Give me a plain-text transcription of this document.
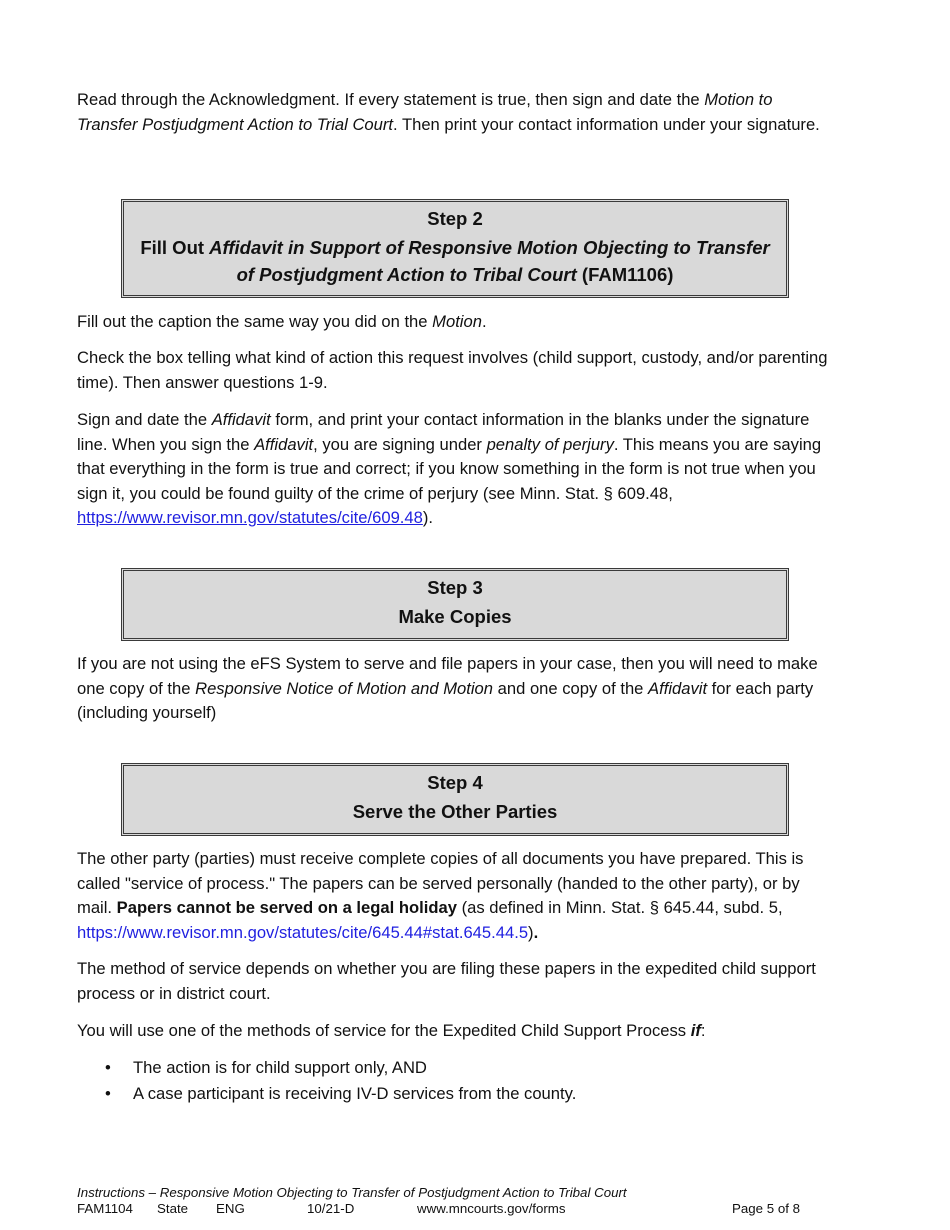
Read through the Acknowledgment. If every statement is true, then sign and date the Motion to Transfer Postjudgment Action to Trial Court. Then print your contact information under your signature.

Step 2
Fill Out Affidavit in Support of Responsive Motion Objecting to Transfer of Postjudgment Action to Tribal Court (FAM1106)

Fill out the caption the same way you did on the Motion.

Check the box telling what kind of action this request involves (child support, custody, and/or parenting time). Then answer questions 1-9.

Sign and date the Affidavit form, and print your contact information in the blanks under the signature line. When you sign the Affidavit, you are signing under penalty of perjury. This means you are saying that everything in the form is true and correct; if you know something in the form is not true when you sign it, you could be found guilty of the crime of perjury (see Minn. Stat. § 609.48, https://www.revisor.mn.gov/statutes/cite/609.48).

Step 3
Make Copies

If you are not using the eFS System to serve and file papers in your case, then you will need to make one copy of the Responsive Notice of Motion and Motion and one copy of the Affidavit for each party (including yourself)

Step 4
Serve the Other Parties

The other party (parties) must receive complete copies of all documents you have prepared. This is called "service of process." The papers can be served personally (handed to the other party), or by mail. Papers cannot be served on a legal holiday (as defined in Minn. Stat. § 645.44, subd. 5, https://www.revisor.mn.gov/statutes/cite/645.44#stat.645.44.5).

The method of service depends on whether you are filing these papers in the expedited child support process or in district court.

You will use one of the methods of service for the Expedited Child Support Process if:

• The action is for child support only, AND
• A case participant is receiving IV-D services from the county.
Instructions – Responsive Motion Objecting to Transfer of Postjudgment Action to Tribal Court
FAM1104 State ENG	10/21-D	www.mncourts.gov/forms	Page 5 of 8
